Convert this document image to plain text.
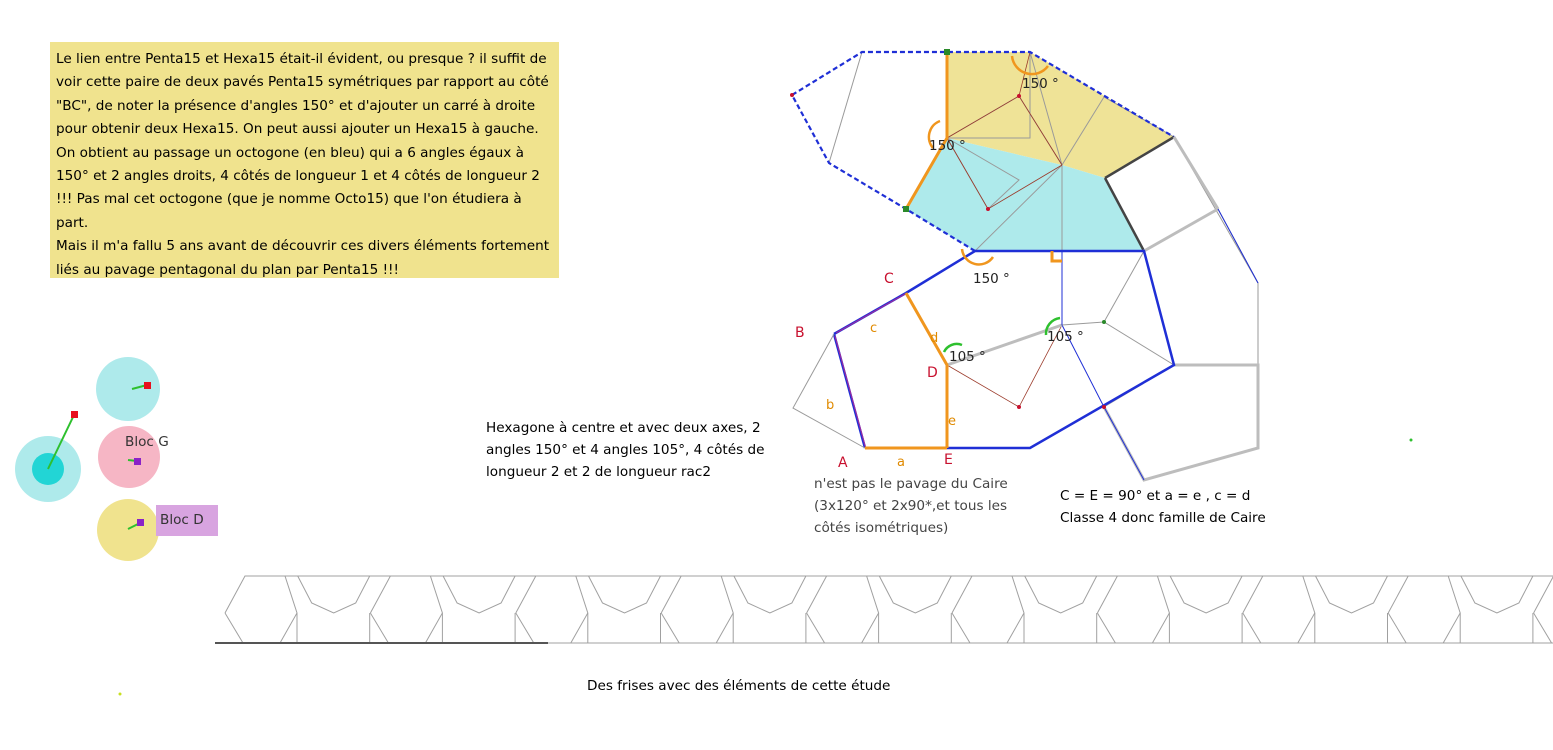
Le lien entre Penta15 et Hexa15 était-il évident, ou presque ? il suffit de voir cette paire de deux pavés Penta15 symétriques par rapport au côté "BC", de noter la présence d'angles 150° et d'ajouter un carré à droite pour obtenir deux Hexa15. On peut aussi ajouter un Hexa15 à gauche. On obtient au passage un octogone (en bleu) qui a 6 angles égaux à 150° et 2 angles droits, 4 côtés de longueur 1 et 4 côtés de longueur 2 !!! Pas mal cet octogone (que je nomme Octo15) que l'on étudiera à part.

Mais il m'a fallu 5 ans avant de découvrir ces divers éléments fortement liés au pavage pentagonal du plan par Penta15 !!!

C
B
D
A	E
c
d
b
e
a
150 °
150 °
150 °
105 °
105 °
Bloc G
Bloc D
Hexagone à centre et avec deux axes, 2
angles 150° et 4 angles 105°, 4 côtés de
longueur 2 et 2 de longueur rac2
n'est pas le pavage du Caire
(3x120° et 2x90*,et tous les
côtés isométriques)
C = E = 90° et a = e , c = d
Classe 4 donc famille de Caire
Des frises avec des éléments de cette étude
